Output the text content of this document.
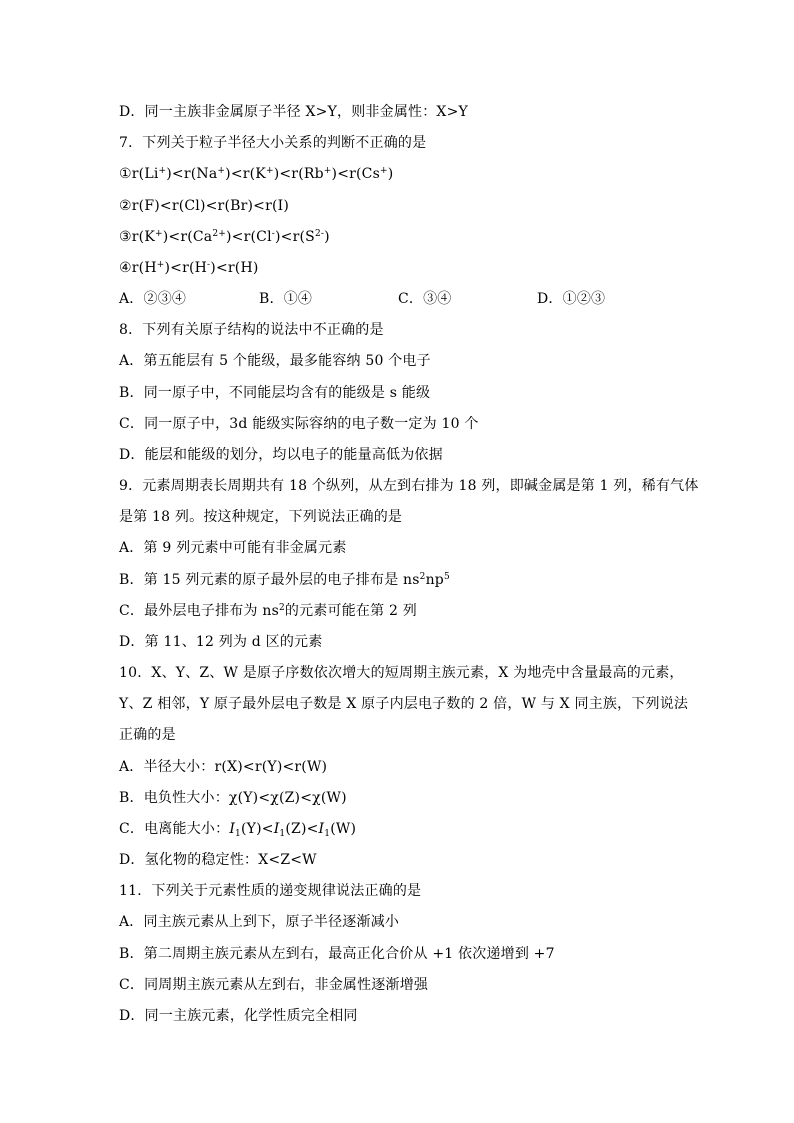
D．同一主族非金属原子半径 X>Y，则非金属性：X>Y
7．下列关于粒子半径大小关系的判断不正确的是
①r(Li+)<r(Na+)<r(K+)<r(Rb+)<r(Cs+)
②r(F)<r(Cl)<r(Br)<r(I)
$③r(K^+)<r(Ca^{2+})<r(Cl^-)<r(S^{2-})$
④r(H+)<r(H-)<r(H)
A．②③④	B．①④	C．③④	D．①②③
8．下列有关原子结构的说法中不正确的是
A．第五能层有 5 个能级，最多能容纳 50 个电子
B．同一原子中，不同能层均含有的能级是 s 能级
C．同一原子中，3d 能级实际容纳的电子数一定为 10 个
D．能层和能级的划分，均以电子的能量高低为依据
9．元素周期表长周期共有 18 个纵列，从左到右排为 18 列，即碱金属是第 1 列，稀有气体
是第 18 列。按这种规定，下列说法正确的是
A．第 9 列元素中可能有非金属元素
B．第 15 列元素的原子最外层的电子排布是 $ns^2np^5$
C．最外层电子排布为 $ns^2$的元素可能在第 2 列
D．第 11、12 列为 d 区的元素
10．X、Y、Z、W 是原子序数依次增大的短周期主族元素，X 为地壳中含量最高的元素，
Y、Z 相邻，Y 原子最外层电子数是 X 原子内层电子数的 2 倍，W 与 X 同主族，下列说法
正确的是
A．半径大小：r(X)<r(Y)<r(W)
B．电负性大小：χ(Y)<χ(Z)<χ(W)
C．电离能大小：$I_1(Y)<I_1(Z)<I_1(W)$
D．氢化物的稳定性：X<Z<W
11．下列关于元素性质的递变规律说法正确的是
A．同主族元素从上到下，原子半径逐渐减小
B．第二周期主族元素从左到右，最高正化合价从 +1 依次递增到 +7
C．同周期主族元素从左到右，非金属性逐渐增强
D．同一主族元素，化学性质完全相同
